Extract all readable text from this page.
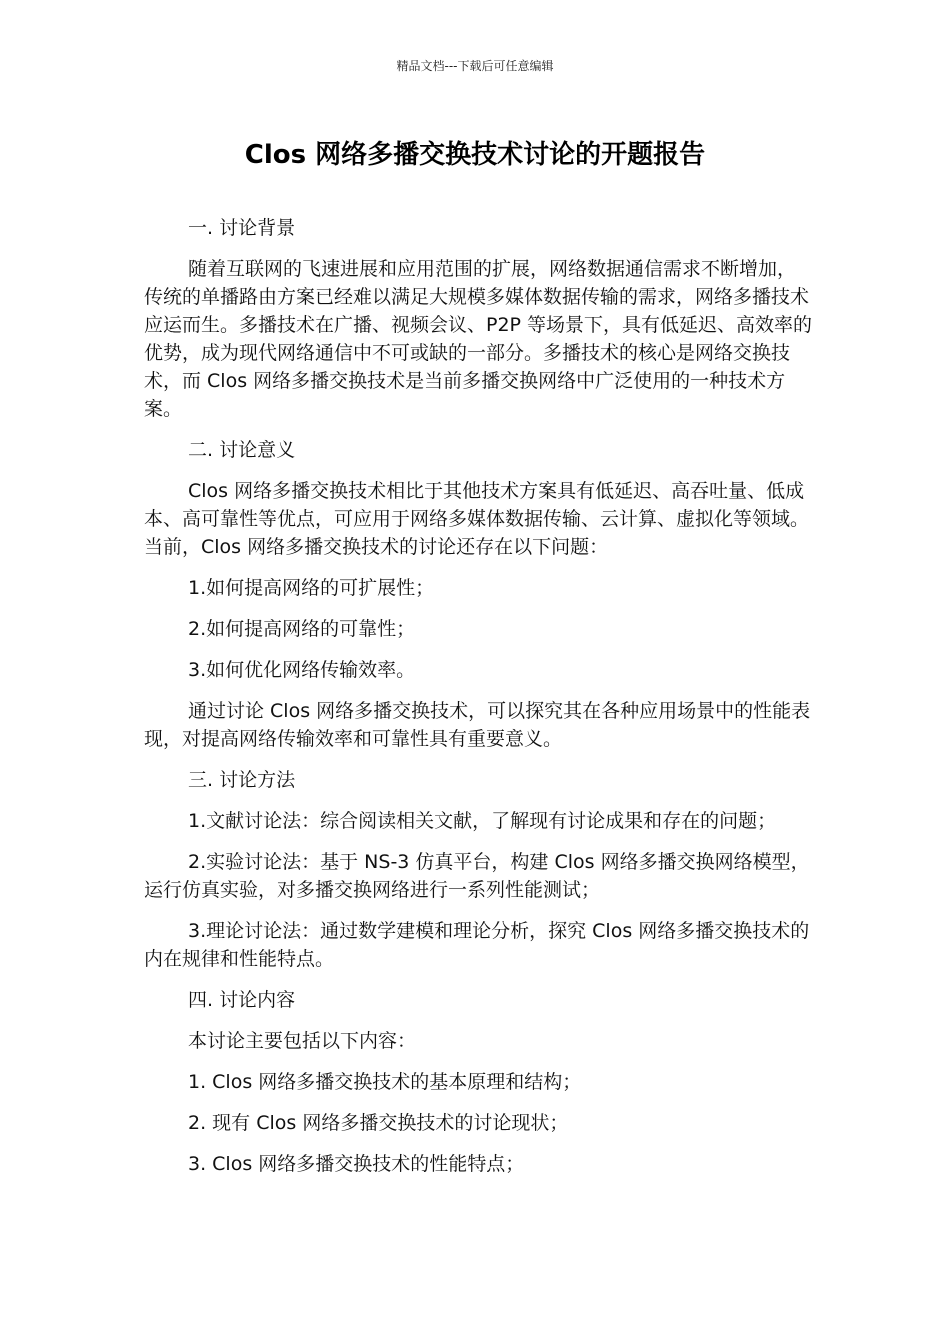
精品文档---下载后可任意编辑
Clos 网络多播交换技术讨论的开题报告

一. 讨论背景

随着互联网的飞速进展和应用范围的扩展，网络数据通信需求不断增加，传统的单播路由方案已经难以满足大规模多媒体数据传输的需求，网络多播技术应运而生。多播技术在广播、视频会议、P2P 等场景下，具有低延迟、高效率的优势，成为现代网络通信中不可或缺的一部分。多播技术的核心是网络交换技术，而 Clos 网络多播交换技术是当前多播交换网络中广泛使用的一种技术方案。

二. 讨论意义

Clos 网络多播交换技术相比于其他技术方案具有低延迟、高吞吐量、低成本、高可靠性等优点，可应用于网络多媒体数据传输、云计算、虚拟化等领域。当前，Clos 网络多播交换技术的讨论还存在以下问题：

1.如何提高网络的可扩展性；

2.如何提高网络的可靠性；

3.如何优化网络传输效率。

通过讨论 Clos 网络多播交换技术，可以探究其在各种应用场景中的性能表现，对提高网络传输效率和可靠性具有重要意义。

三. 讨论方法

1.文献讨论法：综合阅读相关文献，了解现有讨论成果和存在的问题；

2.实验讨论法：基于 NS-3 仿真平台，构建 Clos 网络多播交换网络模型，运行仿真实验，对多播交换网络进行一系列性能测试；

3.理论讨论法：通过数学建模和理论分析，探究 Clos 网络多播交换技术的内在规律和性能特点。

四. 讨论内容

本讨论主要包括以下内容：

1. Clos 网络多播交换技术的基本原理和结构；

2. 现有 Clos 网络多播交换技术的讨论现状；

3. Clos 网络多播交换技术的性能特点；
